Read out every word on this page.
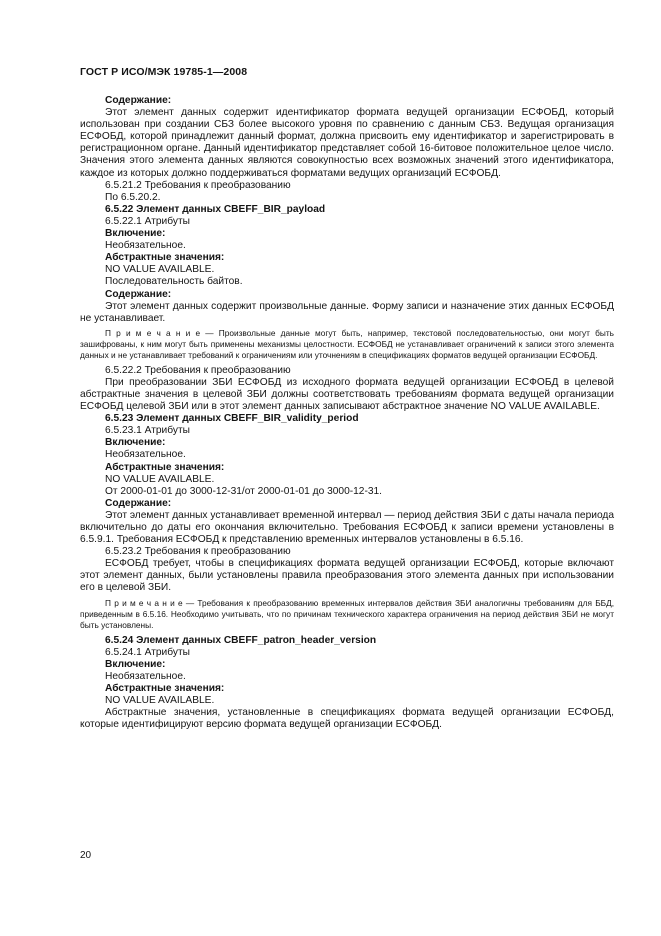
ГОСТ Р ИСО/МЭК 19785-1—2008

Содержание:

Этот элемент данных содержит идентификатор формата ведущей организации ЕСФОБД, который использован при создании СБЗ более высокого уровня по сравнению с данным СБЗ. Ведущая организация ЕСФОБД, которой принадлежит данный формат, должна присвоить ему идентификатор и зарегистрировать в регистрационном органе. Данный идентификатор представляет собой 16-битовое положительное целое число. Значения этого элемента данных являются совокупностью всех возможных значений этого идентификатора, каждое из которых должно поддерживаться форматами ведущих организаций ЕСФОБД.

6.5.21.2 Требования к преобразованию

По 6.5.20.2.

6.5.22 Элемент данных CBEFF_BIR_payload

6.5.22.1 Атрибуты

Включение:

Необязательное.

Абстрактные значения:

NO VALUE AVAILABLE.

Последовательность байтов.

Содержание:

Этот элемент данных содержит произвольные данные. Форму записи и назначение этих данных ЕСФОБД не устанавливает.

П р и м е ч а н и е — Произвольные данные могут быть, например, текстовой последовательностью, они могут быть зашифрованы, к ним могут быть применены механизмы целостности. ЕСФОБД не устанавливает ограничений к записи этого элемента данных и не устанавливает требований к ограничениям или уточнениям в спецификациях форматов ведущей организации ЕСФОБД.

6.5.22.2 Требования к преобразованию

При преобразовании ЗБИ ЕСФОБД из исходного формата ведущей организации ЕСФОБД в целевой абстрактные значения в целевой ЗБИ должны соответствовать требованиям формата ведущей организации ЕСФОБД целевой ЗБИ или в этот элемент данных записывают абстрактное значение NO VALUE AVAILABLE.

6.5.23 Элемент данных CBEFF_BIR_validity_period

6.5.23.1 Атрибуты

Включение:

Необязательное.

Абстрактные значения:

NO VALUE AVAILABLE.

От 2000-01-01 до 3000-12-31/от 2000-01-01 до 3000-12-31.

Содержание:

Этот элемент данных устанавливает временной интервал — период действия ЗБИ с даты начала периода включительно до даты его окончания включительно. Требования ЕСФОБД к записи времени установлены в 6.5.9.1. Требования ЕСФОБД к представлению временных интервалов установлены в 6.5.16.

6.5.23.2 Требования к преобразованию

ЕСФОБД требует, чтобы в спецификациях формата ведущей организации ЕСФОБД, которые включают этот элемент данных, были установлены правила преобразования этого элемента данных при использовании его в целевой ЗБИ.

П р и м е ч а н и е — Требования к преобразованию временных интервалов действия ЗБИ аналогичны требованиям для ББД, приведенным в 6.5.16. Необходимо учитывать, что по причинам технического характера ограничения на период действия ЗБИ не могут быть установлены.

6.5.24 Элемент данных CBEFF_patron_header_version

6.5.24.1 Атрибуты

Включение:

Необязательное.

Абстрактные значения:

NO VALUE AVAILABLE.

Абстрактные значения, установленные в спецификациях формата ведущей организации ЕСФОБД, которые идентифицируют версию формата ведущей организации ЕСФОБД.

20
